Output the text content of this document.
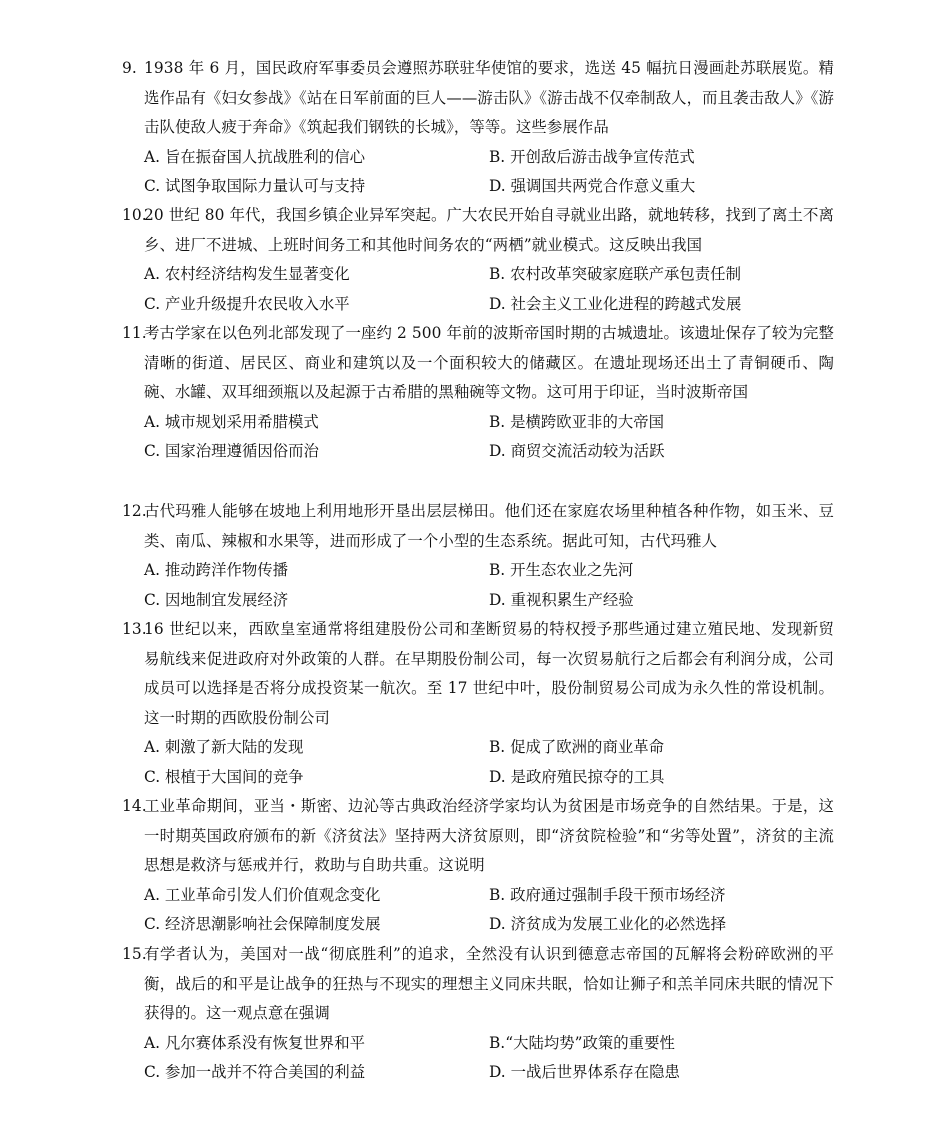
9. 1938 年 6 月，国民政府军事委员会遵照苏联驻华使馆的要求，选送 45 幅抗日漫画赴苏联展览。精选作品有《妇女参战》《站在日军前面的巨人——游击队》《游击战不仅牵制敌人，而且袭击敌人》《游击队使敌人疲于奔命》《筑起我们钢铁的长城》，等等。这些参展作品
A. 旨在振奋国人抗战胜利的信心	B. 开创敌后游击战争宣传范式
C. 试图争取国际力量认可与支持	D. 强调国共两党合作意义重大
10.
20 世纪 80 年代，我国乡镇企业异军突起。广大农民开始自寻就业出路，就地转移，找到了离土不离乡、进厂不进城、上班时间务工和其他时间务农的“两栖”就业模式。这反映出我国
A. 农村经济结构发生显著变化	B. 农村改革突破家庭联产承包责任制
C. 产业升级提升农民收入水平	D. 社会主义工业化进程的跨越式发展
11.
考古学家在以色列北部发现了一座约 2 500 年前的波斯帝国时期的古城遗址。该遗址保存了较为完整清晰的街道、居民区、商业和建筑以及一个面积较大的储藏区。在遗址现场还出土了青铜硬币、陶碗、水罐、双耳细颈瓶以及起源于古希腊的黑釉碗等文物。这可用于印证，当时波斯帝国
A. 城市规划采用希腊模式	B. 是横跨欧亚非的大帝国
C. 国家治理遵循因俗而治	D. 商贸交流活动较为活跃
12.
古代玛雅人能够在坡地上利用地形开垦出层层梯田。他们还在家庭农场里种植各种作物，如玉米、豆类、南瓜、辣椒和水果等，进而形成了一个小型的生态系统。据此可知，古代玛雅人
A. 推动跨洋作物传播	B. 开生态农业之先河
C. 因地制宜发展经济	D. 重视积累生产经验
13.
16 世纪以来，西欧皇室通常将组建股份公司和垄断贸易的特权授予那些通过建立殖民地、发现新贸易航线来促进政府对外政策的人群。在早期股份制公司，每一次贸易航行之后都会有利润分成，公司成员可以选择是否将分成投资某一航次。至 17 世纪中叶，股份制贸易公司成为永久性的常设机制。这一时期的西欧股份制公司
A. 刺激了新大陆的发现	B. 促成了欧洲的商业革命
C. 根植于大国间的竞争	D. 是政府殖民掠夺的工具
14.
工业革命期间，亚当・斯密、边沁等古典政治经济学家均认为贫困是市场竞争的自然结果。于是，这一时期英国政府颁布的新《济贫法》坚持两大济贫原则，即“济贫院检验”和“劣等处置”，济贫的主流思想是救济与惩戒并行，救助与自助共重。这说明
A. 工业革命引发人们价值观念变化	B. 政府通过强制手段干预市场经济
C. 经济思潮影响社会保障制度发展	D. 济贫成为发展工业化的必然选择
15.
有学者认为，美国对一战“彻底胜利”的追求，全然没有认识到德意志帝国的瓦解将会粉碎欧洲的平衡，战后的和平是让战争的狂热与不现实的理想主义同床共眠，恰如让狮子和羔羊同床共眠的情况下获得的。这一观点意在强调
A. 凡尔赛体系没有恢复世界和平	B.“大陆均势”政策的重要性
C. 参加一战并不符合美国的利益	D. 一战后世界体系存在隐患
